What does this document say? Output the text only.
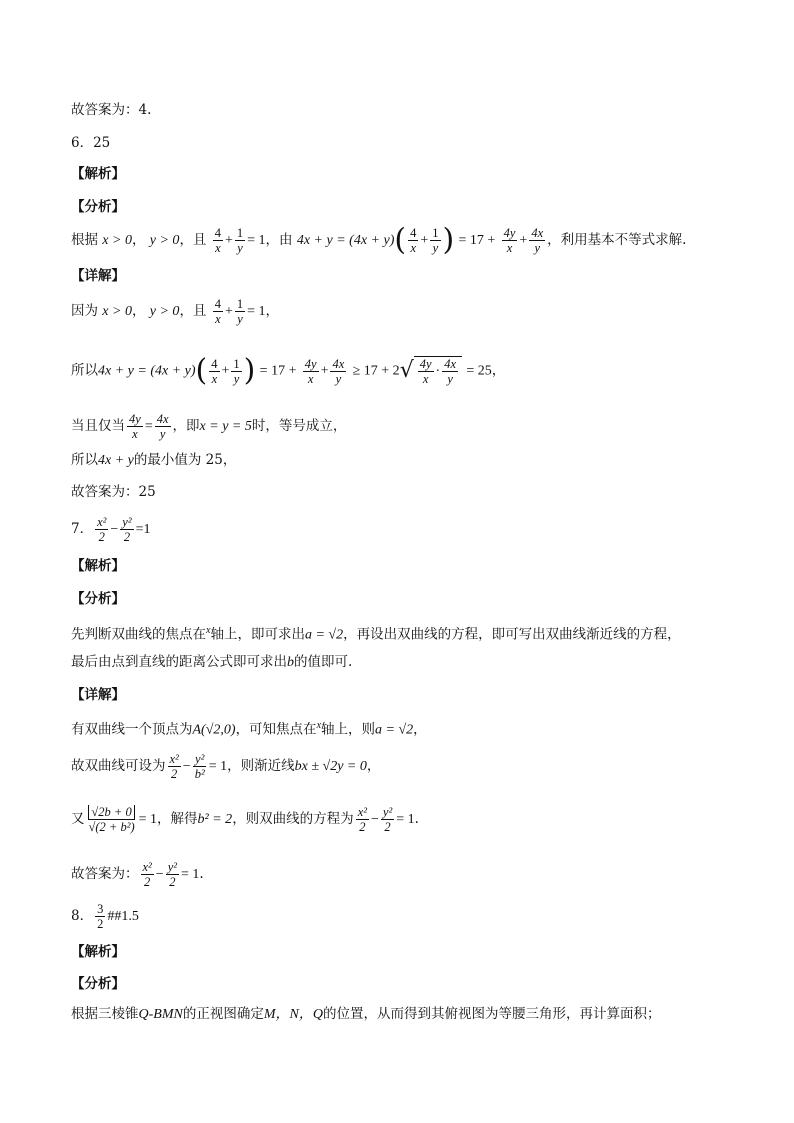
故答案为：4.
6．25
【解析】
【分析】
根据 x > 0， y > 0，且 $\frac{4}{x} + \frac{1}{y} = 1$，由 $4x + y = (4x + y)( \frac{4}{x} + \frac{1}{y}$ ) = $17 + \frac{4y}{x} + \frac{4x}{y}$ ，利用基本不等式求解.
【详解】
因为 x > 0， y > 0，且 $\frac{4}{x} + \frac{1}{y} = 1$，
所以$4x + y = (4x + y)( \frac{4}{x} + \frac{1}{y}$ ) = $17 + \frac{4y}{x} + \frac{4x}{y} \ge 17 + 2√ \frac{4y}{x} \cdot \frac{4x}{y} = 25$，
当且仅当 $\frac{4y}{x} = \frac{4x}{y}$ ，即x = y = 5时，等号成立，
所以4x + y的最小值为 25，
故答案为：25
7． $\frac{\text{x²}}{2} - \frac{\text{y²}}{2} =1$
【解析】
【分析】
先判断双曲线的焦点在$^x$轴上，即可求出a = √2，再设出双曲线的方程，即可写出双曲线渐近线的方程，
最后由点到直线的距离公式即可求出b的值即可.
【详解】
有双曲线一个顶点为A(√2,0)，可知焦点在$^x$轴上，则a = √2，
故双曲线可设为 $\frac{\text{x²}}{2} - \frac{\text{y²}}{\text{b²}} = 1$，则渐近线bx ± √2y = 0，
又 $\frac{√2b + 0}{\text{√(2 + b²)}} = 1$，解得b² = 2，则双曲线的方程为 $\frac{\text{x²}}{2} - \frac{\text{y²}}{2} = 1$.
故答案为： $\frac{\text{x²}}{2} - \frac{\text{y²}}{2} = 1$.
8． $\frac{3}{2}$ ##1.5
【解析】
【分析】
根据三棱锥Q-BMN的正视图确定M，N，Q的位置，从而得到其俯视图为等腰三角形，再计算面积；
